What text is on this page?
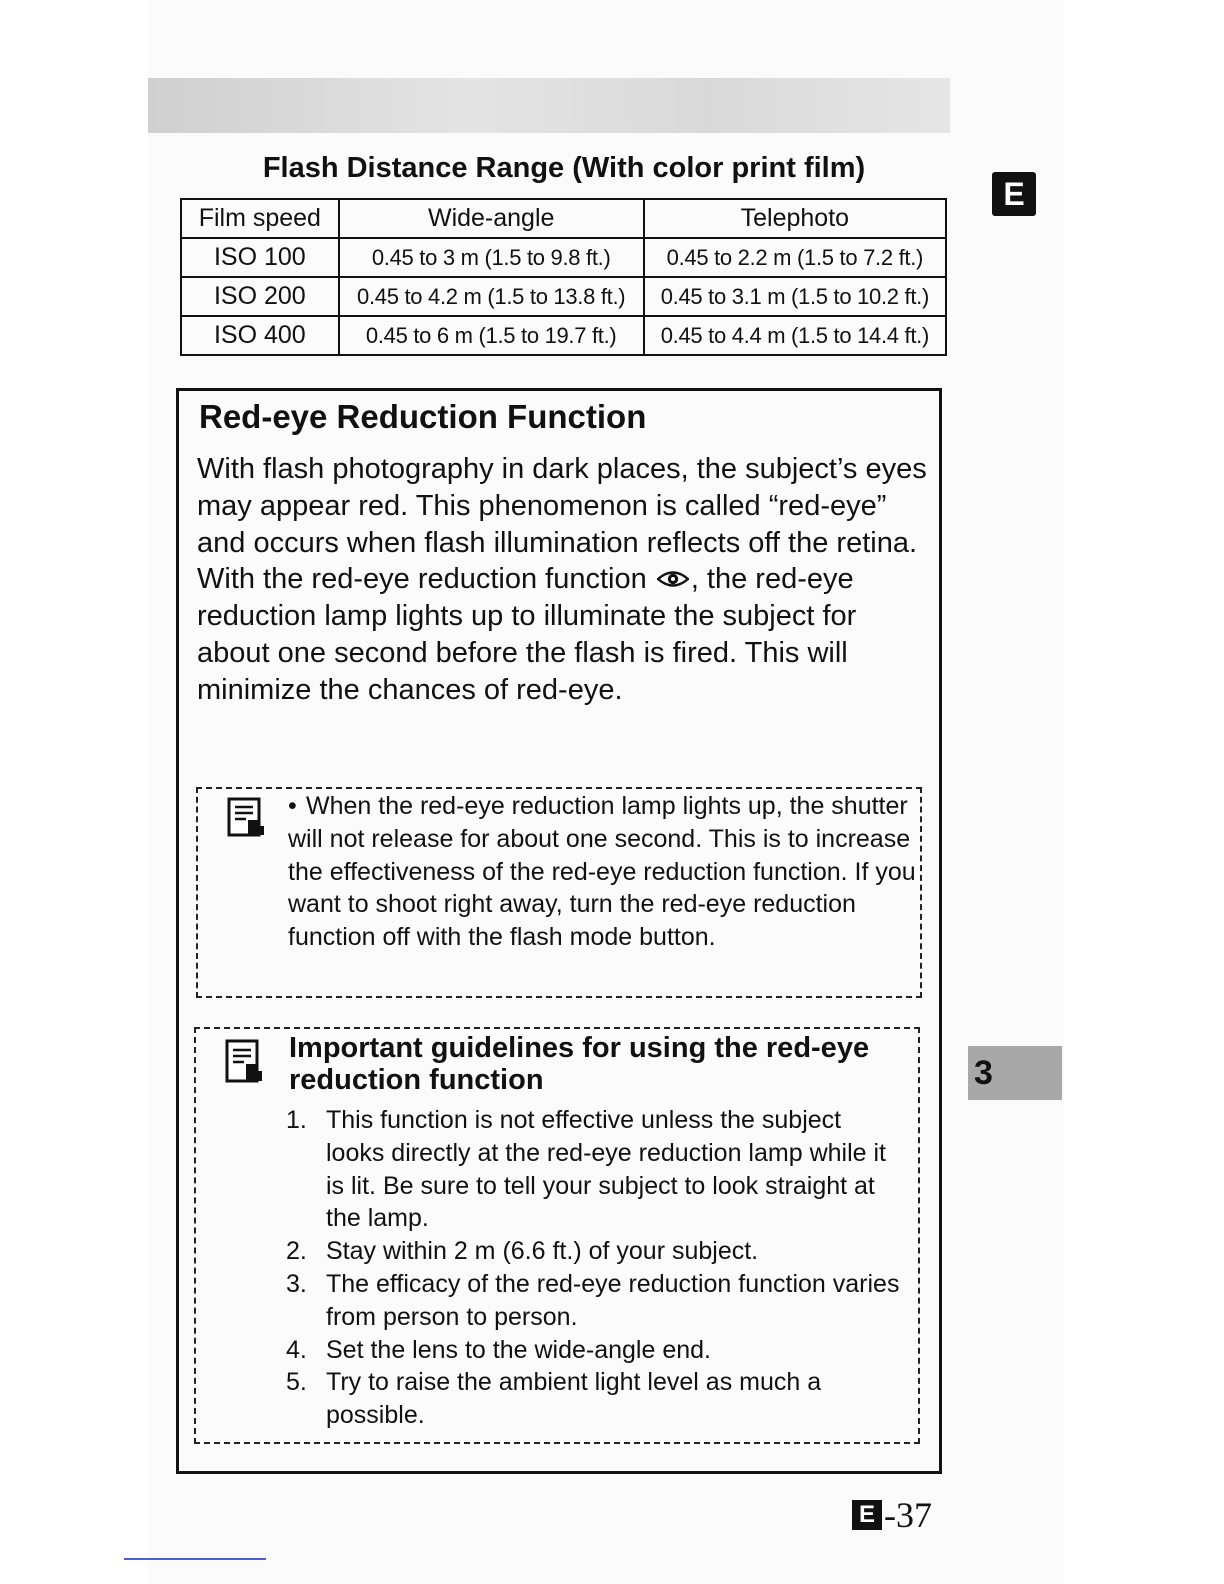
E
3
Flash Distance Range (With color print film)
Film speed	Wide-angle	Telephoto
ISO 100	0.45 to 3 m (1.5 to 9.8 ft.)	0.45 to 2.2 m (1.5 to 7.2 ft.)
ISO 200	0.45 to 4.2 m (1.5 to 13.8 ft.)	0.45 to 3.1 m (1.5 to 10.2 ft.)
ISO 400	0.45 to 6 m (1.5 to 19.7 ft.)	0.45 to 4.4 m (1.5 to 14.4 ft.)
Red-eye Reduction Function

With flash photography in dark places, the subject’s eyes may appear red. This phenomenon is called “red-eye” and occurs when flash illumination reflects off the retina.

With the red-eye reduction function , the red-eye reduction lamp lights up to illuminate the subject for about one second before the flash is fired. This will minimize the chances of red-eye.

• When the red-eye reduction lamp lights up, the shutter will not release for about one second. This is to increase the effectiveness of the red-eye reduction function. If you want to shoot right away, turn the red-eye reduction function off with the flash mode button.
Important guidelines for using the red-eye reduction function
1. This function is not effective unless the subject looks directly at the red-eye reduction lamp while it is lit. Be sure to tell your subject to look straight at the lamp.
2. Stay within 2 m (6.6 ft.) of your subject.
3. The efficacy of the red-eye reduction function varies from person to person.
4. Set the lens to the wide-angle end.
5. Try to raise the ambient light level as much a possible.
E -37
